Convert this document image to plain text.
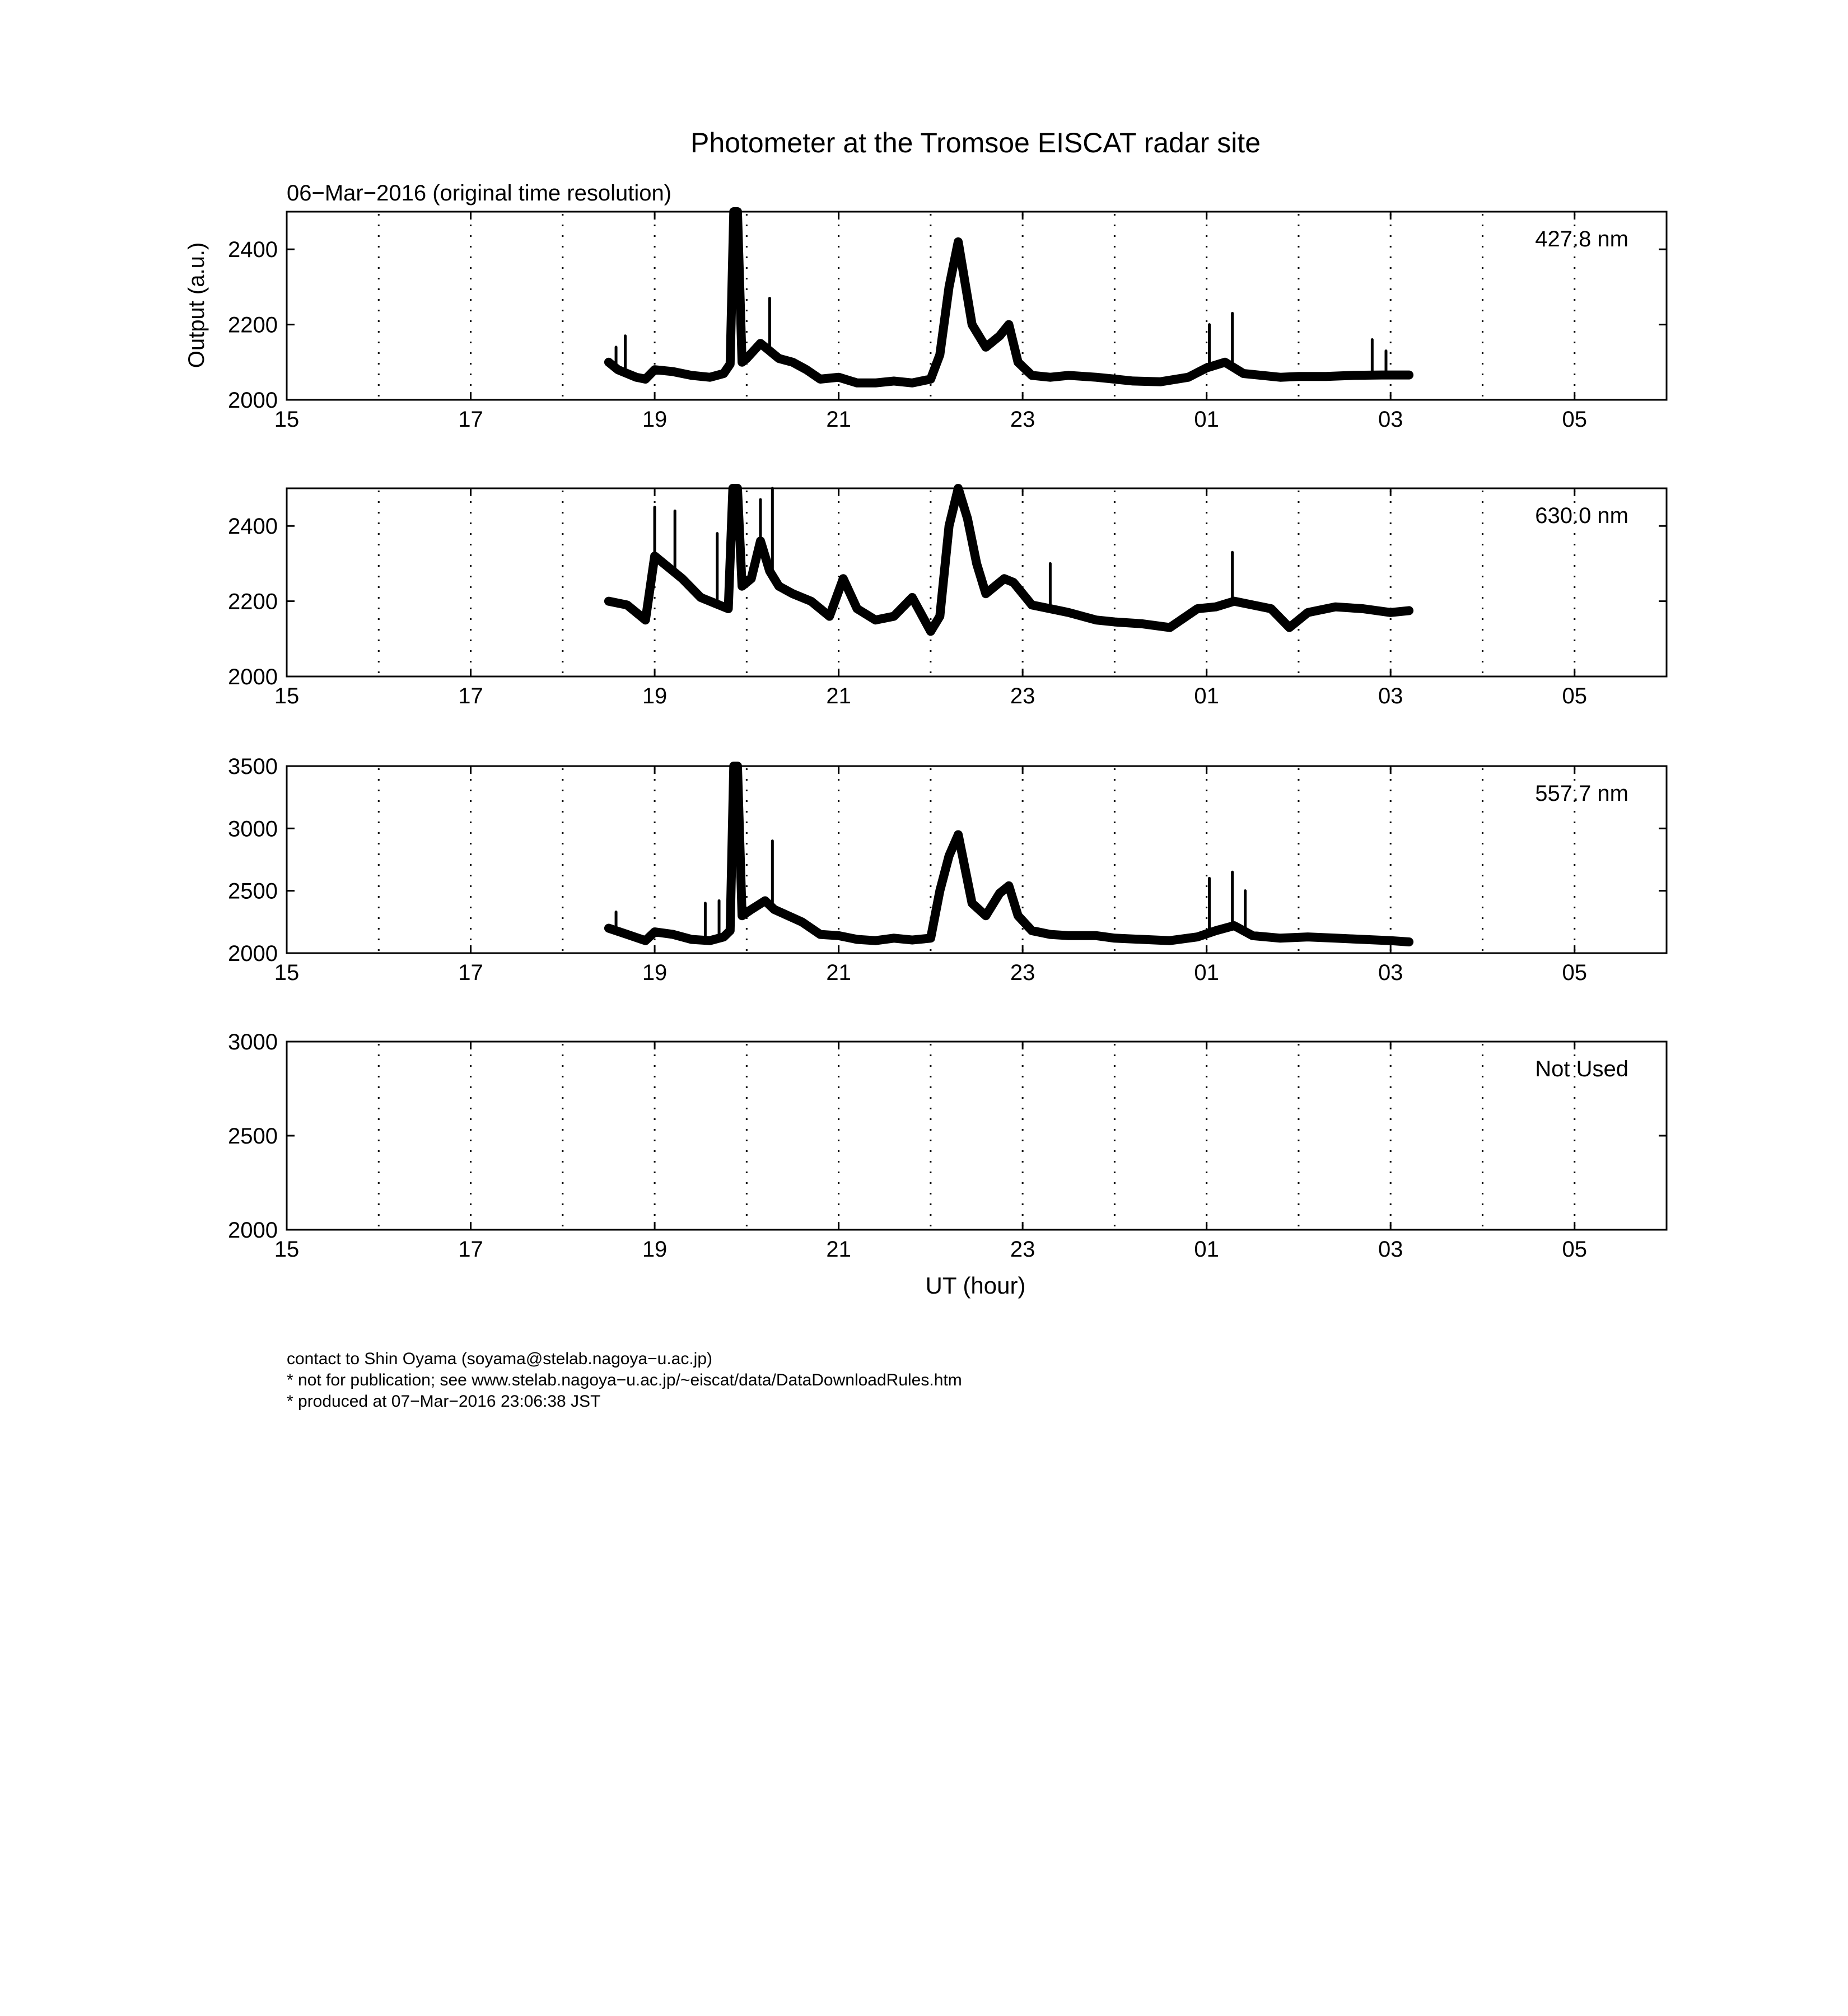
Photometer at the Tromsoe EISCAT radar site
06−Mar−2016 (original time resolution)
Output (a.u.)
UT (hour)
15	17	19	21	23	01	03	05
2000
2200
2400	427.8 nm
15	17	19	21	23	01	03	05
2000
2200
2400	630.0 nm
15	17	19	21	23	01	03	05
2000
2500
3000
3500
557.7 nm
15	17	19	21	23	01	03	05
2000
2500
3000
Not Used
contact to Shin Oyama (soyama@stelab.nagoya−u.ac.jp)
* not for publication; see www.stelab.nagoya−u.ac.jp/~eiscat/data/DataDownloadRules.htm
* produced at 07−Mar−2016 23:06:38 JST
